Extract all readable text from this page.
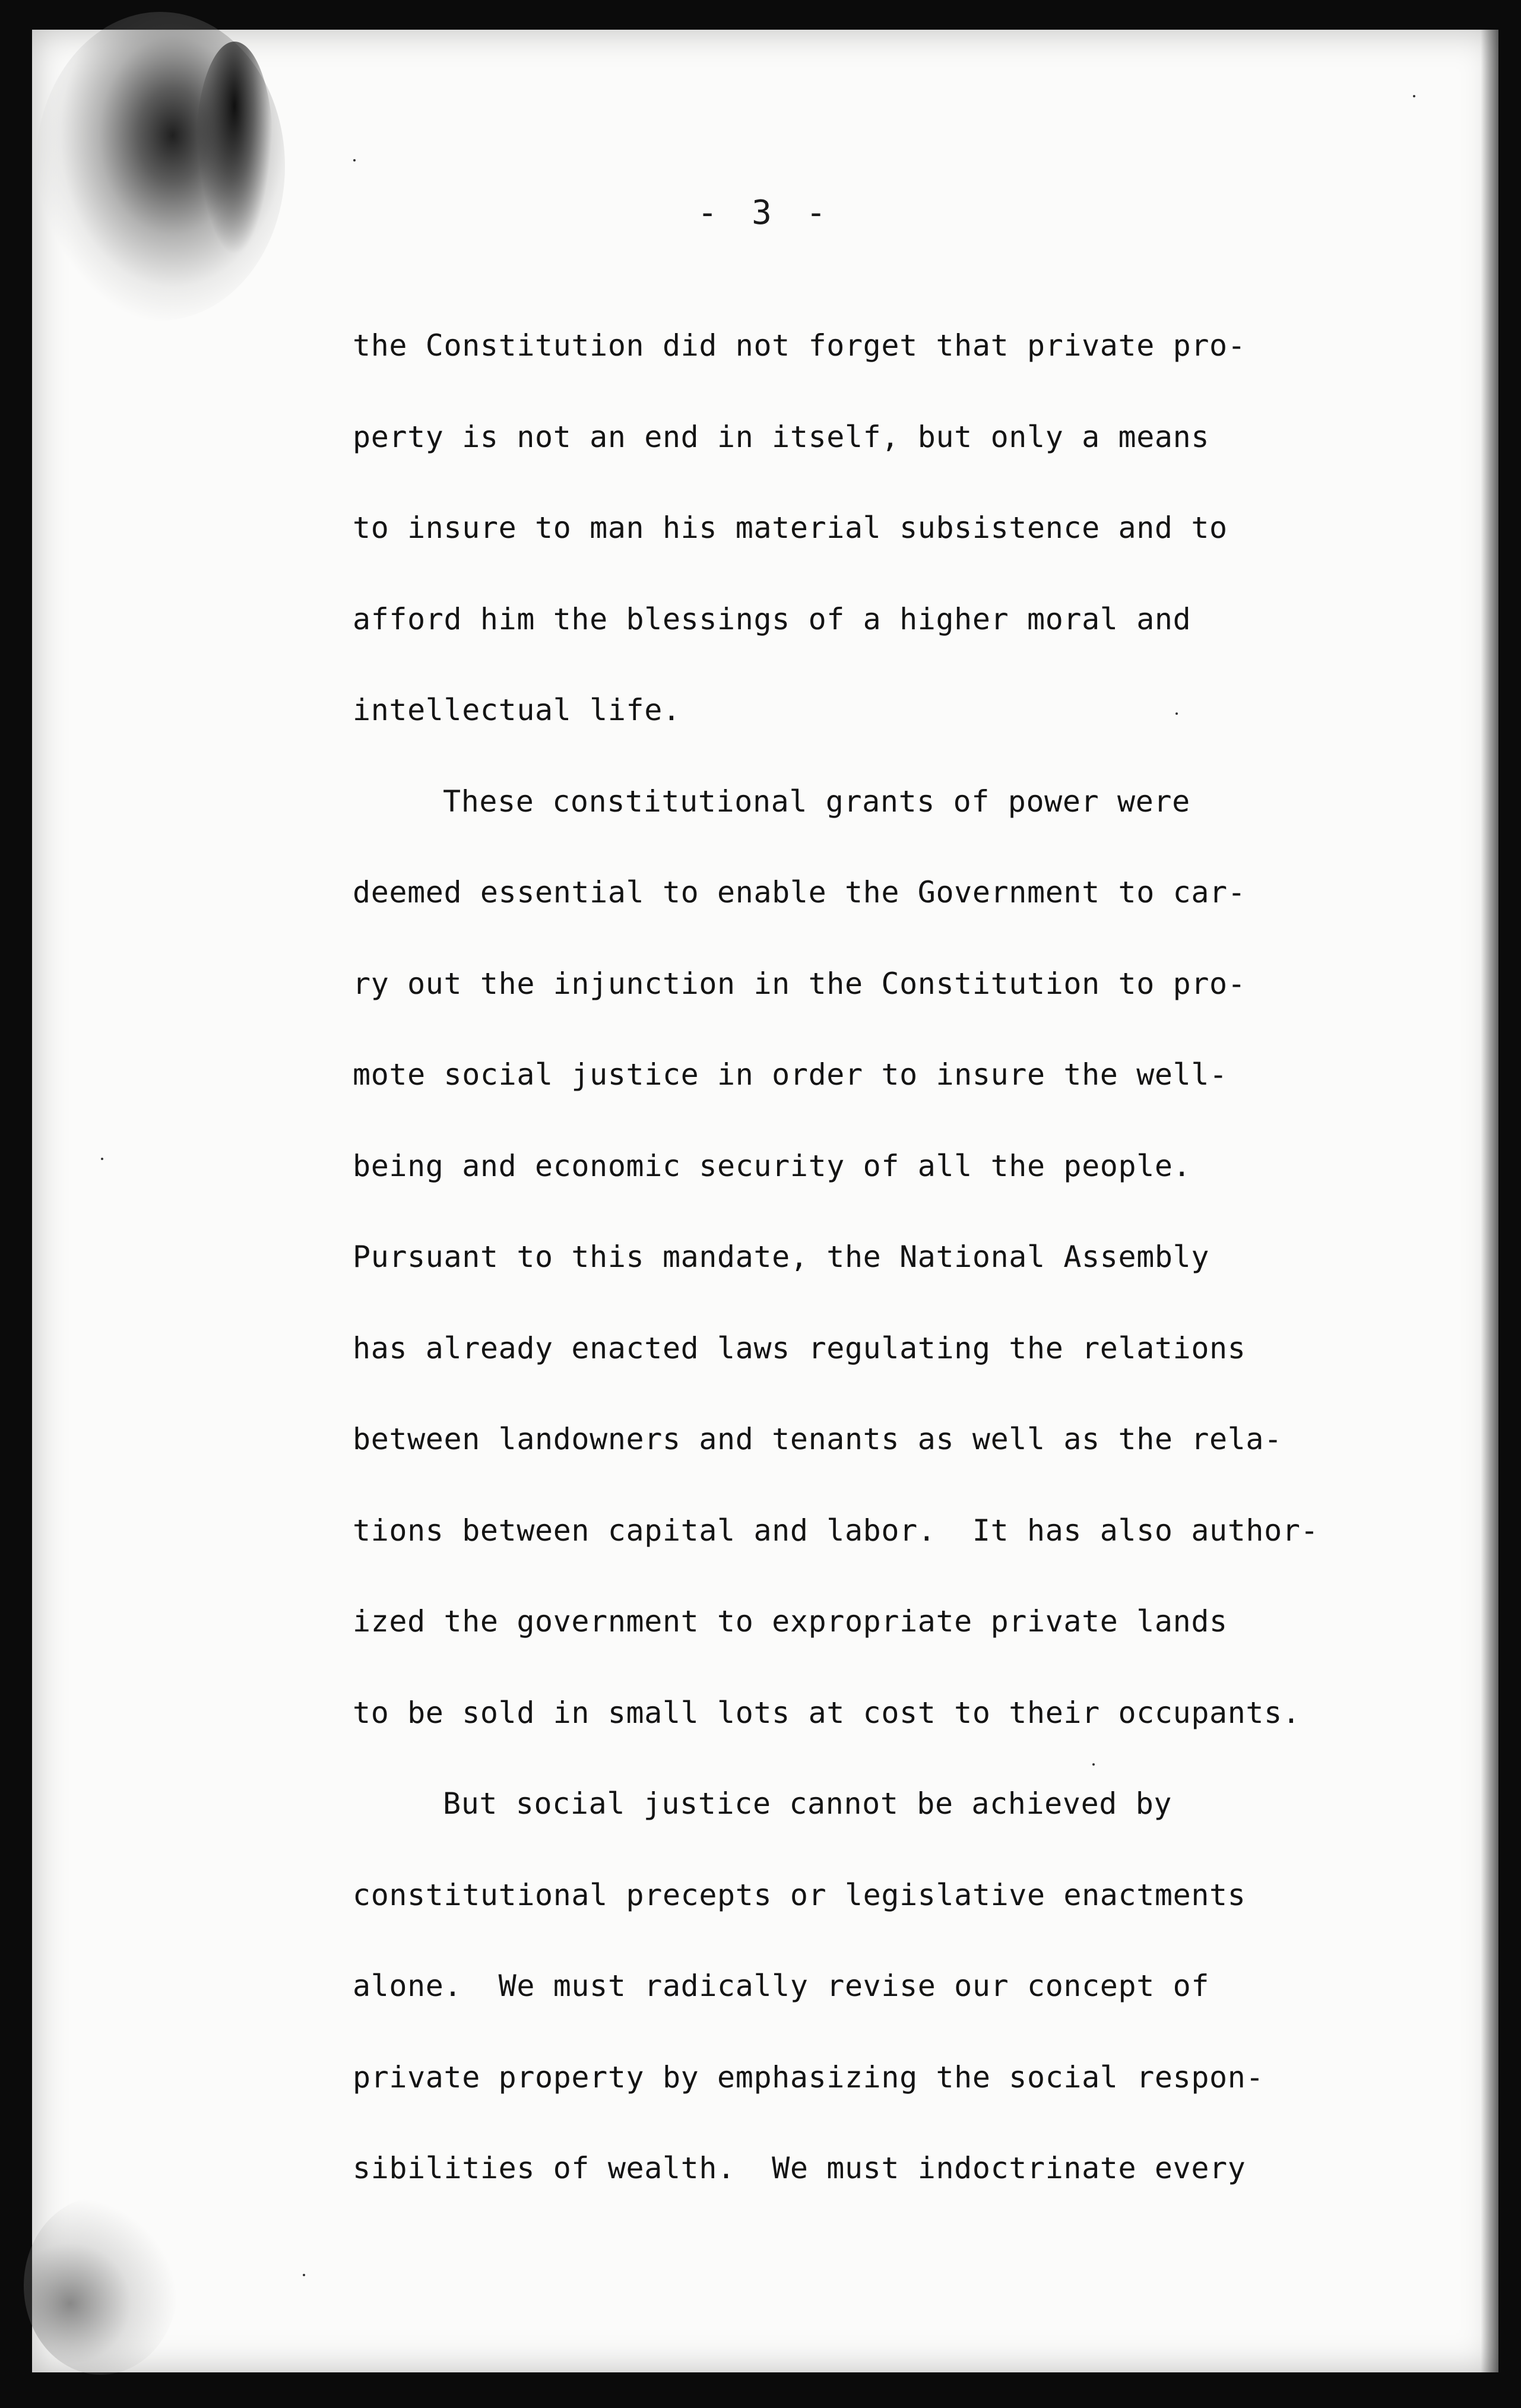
- 3 -
the Constitution did not forget that private pro-
perty is not an end in itself, but only a means
to insure to man his material subsistence and to
afford him the blessings of a higher moral and
intellectual life.
These constitutional grants of power were
deemed essential to enable the Government to car-
ry out the injunction in the Constitution to pro-
mote social justice in order to insure the well-
being and economic security of all the people.
Pursuant to this mandate, the National Assembly
has already enacted laws regulating the relations
between landowners and tenants as well as the rela-
tions between capital and labor.  It has also author-
ized the government to expropriate private lands
to be sold in small lots at cost to their occupants.
But social justice cannot be achieved by
constitutional precepts or legislative enactments
alone.  We must radically revise our concept of
private property by emphasizing the social respon-
sibilities of wealth.  We must indoctrinate every
